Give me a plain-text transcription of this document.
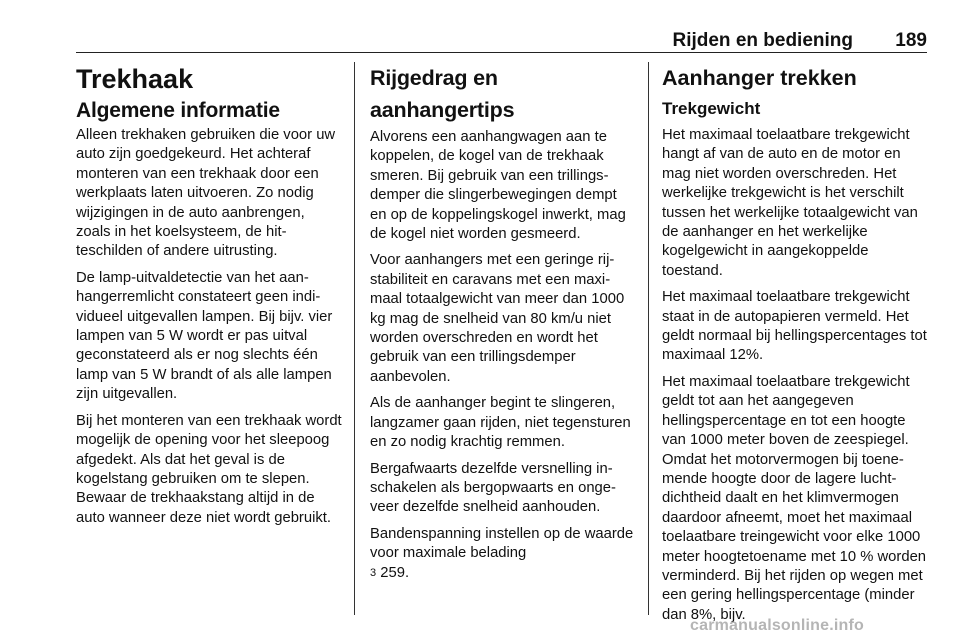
Rijden en bediening 189
Trekhaak
Algemene informatie

Alleen trekhaken gebruiken die voor uw auto zijn goedgekeurd. Het achteraf monteren van een trekhaak door een werkplaats laten uitvoeren. Zo nodig wijzigingen in de auto aanbrengen, zoals in het koelsysteem, de hitteschilden of andere uitrusting.

De lamp-uitvaldetectie van het aanhangerremlicht constateert geen individueel uitgevallen lampen. Bij bijv. vier lampen van 5 W wordt er pas uitval geconstateerd als er nog slechts één lamp van 5 W brandt of als alle lampen zijn uitgevallen.

Bij het monteren van een trekhaak wordt mogelijk de opening voor het sleepoog afgedekt. Als dat het geval is de kogelstang gebruiken om te slepen. Bewaar de trekhaakstang altijd in de auto wanneer deze niet wordt gebruikt.

Rijgedrag en aanhangertips

Alvorens een aanhangwagen aan te koppelen, de kogel van de trekhaak smeren. Bij gebruik van een trillingsdemper die slingerbewegingen dempt en op de koppelingskogel inwerkt, mag de kogel niet worden gesmeerd.

Voor aanhangers met een geringe rijstabiliteit en caravans met een maximaal totaalgewicht van meer dan 1000 kg mag de snelheid van 80 km/u niet worden overschreden en wordt het gebruik van een trillingsdemper aanbevolen.

Als de aanhanger begint te slingeren, langzamer gaan rijden, niet tegensturen en zo nodig krachtig remmen.

Bergafwaarts dezelfde versnelling inschakelen als bergopwaarts en ongeveer dezelfde snelheid aanhouden.

Bandenspanning instellen op de waarde voor maximale belading
3 259.

Aanhanger trekken
Trekgewicht

Het maximaal toelaatbare trekgewicht hangt af van de auto en de motor en mag niet worden overschreden. Het werkelijke trekgewicht is het verschilt tussen het werkelijke totaalgewicht van de aanhanger en het werkelijke kogelgewicht in aangekoppelde toestand.

Het maximaal toelaatbare trekgewicht staat in de autopapieren vermeld. Het geldt normaal bij hellingspercentages tot maximaal 12%.

Het maximaal toelaatbare trekgewicht geldt tot aan het aangegeven hellingspercentage en tot een hoogte van 1000 meter boven de zeespiegel. Omdat het motorvermogen bij toenemende hoogte door de lagere luchtdichtheid daalt en het klimvermogen daardoor afneemt, moet het maximaal toelaatbare treingewicht voor elke 1000 meter hoogtetoename met 10 % worden verminderd. Bij het rijden op wegen met een gering hellingspercentage (minder dan 8%, bijv.

carmanualsonline.info
